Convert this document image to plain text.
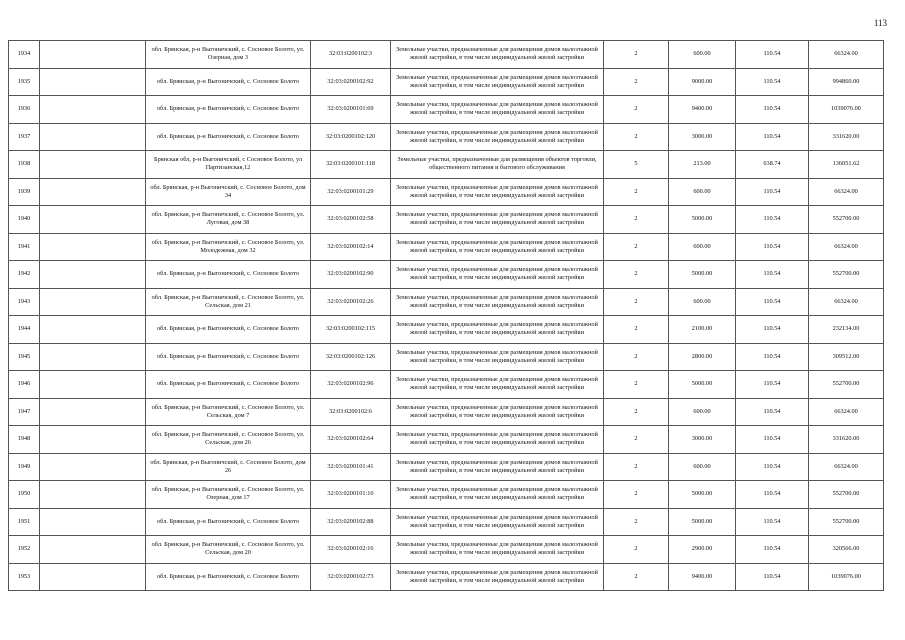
113
1934		обл. Брянская, р-н Выгоничский, с. Сосновое Болото, ул. Озерная, дом 3	32:03:0200102:3	Земельные участки, предназначенные для размещения домов малоэтажной жилой застройки, в том числе индивидуальной жилой застройки	2	600.00	110.54	66324.00
1935		обл. Брянская, р-н Выгоничский, с. Сосновое Болото	32:03:0200102:92	Земельные участки, предназначенные для размещения домов малоэтажной жилой застройки, в том числе индивидуальной жилой застройки	2	9000.00	110.54	994860.00
1936		обл. Брянская, р-н Выгоничский, с. Сосновое Болото	32:03:0200101:69	Земельные участки, предназначенные для размещения домов малоэтажной жилой застройки, в том числе индивидуальной жилой застройки	2	9400.00	110.54	1039076.00
1937		обл. Брянская, р-н Выгоничский, с. Сосновое Болото	32:03:0200102:120	Земельные участки, предназначенные для размещения домов малоэтажной жилой застройки, в том числе индивидуальной жилой застройки	2	3000.00	110.54	331620.00
1938		Брянская обл, р-н Выгоничский, с Сосновое Болото, ул Партизанская,12	32:03:0200101:118	Земельные участки, предназначенные для размещения объектов торговли, общественного питания и бытового обслуживания	5	213.00	638.74	136051.62
1939		обл. Брянская, р-н Выгоничский, с. Сосновое Болото, дом 34	32:03:0200101:29	Земельные участки, предназначенные для размещения домов малоэтажной жилой застройки, в том числе индивидуальной жилой застройки	2	600.00	110.54	66324.00
1940		обл. Брянская, р-н Выгоничский, с. Сосновое Болото, ул. Луговая, дом 38	32:03:0200102:58	Земельные участки, предназначенные для размещения домов малоэтажной жилой застройки, в том числе индивидуальной жилой застройки	2	5000.00	110.54	552700.00
1941		обл. Брянская, р-н Выгоничский, с. Сосновое Болото, ул. Молодежная, дом 32	32:03:0200102:14	Земельные участки, предназначенные для размещения домов малоэтажной жилой застройки, в том числе индивидуальной жилой застройки	2	600.00	110.54	66324.00
1942		обл. Брянская, р-н Выгоничский, с. Сосновое Болото	32:03:0200102:90	Земельные участки, предназначенные для размещения домов малоэтажной жилой застройки, в том числе индивидуальной жилой застройки	2	5000.00	110.54	552700.00
1943		обл. Брянская, р-н Выгоничский, с. Сосновое Болото, ул. Сельская, дом 21	32:03:0200102:26	Земельные участки, предназначенные для размещения домов малоэтажной жилой застройки, в том числе индивидуальной жилой застройки	2	600.00	110.54	66324.00
1944		обл. Брянская, р-н Выгоничский, с. Сосновое Болото	32:03:0200102:115	Земельные участки, предназначенные для размещения домов малоэтажной жилой застройки, в том числе индивидуальной жилой застройки	2	2100.00	110.54	232134.00
1945		обл. Брянская, р-н Выгоничский, с. Сосновое Болото	32:03:0200102:126	Земельные участки, предназначенные для размещения домов малоэтажной жилой застройки, в том числе индивидуальной жилой застройки	2	2800.00	110.54	309512.00
1946		обл. Брянская, р-н Выгоничский, с. Сосновое Болото	32:03:0200102:96	Земельные участки, предназначенные для размещения домов малоэтажной жилой застройки, в том числе индивидуальной жилой застройки	2	5000.00	110.54	552700.00
1947		обл. Брянская, р-н Выгоничский, с. Сосновое Болото, ул. Сельская, дом 7	32:03:0200102:6	Земельные участки, предназначенные для размещения домов малоэтажной жилой застройки, в том числе индивидуальной жилой застройки	2	600.00	110.54	66324.00
1948		обл. Брянская, р-н Выгоничский, с. Сосновое Болото, ул. Сельская, дом 26	32:03:0200102:64	Земельные участки, предназначенные для размещения домов малоэтажной жилой застройки, в том числе индивидуальной жилой застройки	2	3000.00	110.54	331620.00
1949		обл. Брянская, р-н Выгоничский, с. Сосновое Болото, дом 26	32:03:0200101:41	Земельные участки, предназначенные для размещения домов малоэтажной жилой застройки, в том числе индивидуальной жилой застройки	2	600.00	110.54	66324.00
1950		обл. Брянская, р-н Выгоничский, с. Сосновое Болото, ул. Озерная, дом 17	32:03:0200101:10	Земельные участки, предназначенные для размещения домов малоэтажной жилой застройки, в том числе индивидуальной жилой застройки	2	5000.00	110.54	552700.00
1951		обл. Брянская, р-н Выгоничский, с. Сосновое Болото	32:03:0200102:88	Земельные участки, предназначенные для размещения домов малоэтажной жилой застройки, в том числе индивидуальной жилой застройки	2	5000.00	110.54	552700.00
1952		обл. Брянская, р-н Выгоничский, с. Сосновое Болото, ул. Сельская, дом 20	32:03:0200102:16	Земельные участки, предназначенные для размещения домов малоэтажной жилой застройки, в том числе индивидуальной жилой застройки	2	2900.00	110.54	320566.00
1953		обл. Брянская, р-н Выгоничский, с. Сосновое Болото	32:03:0200102:73	Земельные участки, предназначенные для размещения домов малоэтажной жилой застройки, в том числе индивидуальной жилой застройки	2	9400.00	110.54	1039076.00
